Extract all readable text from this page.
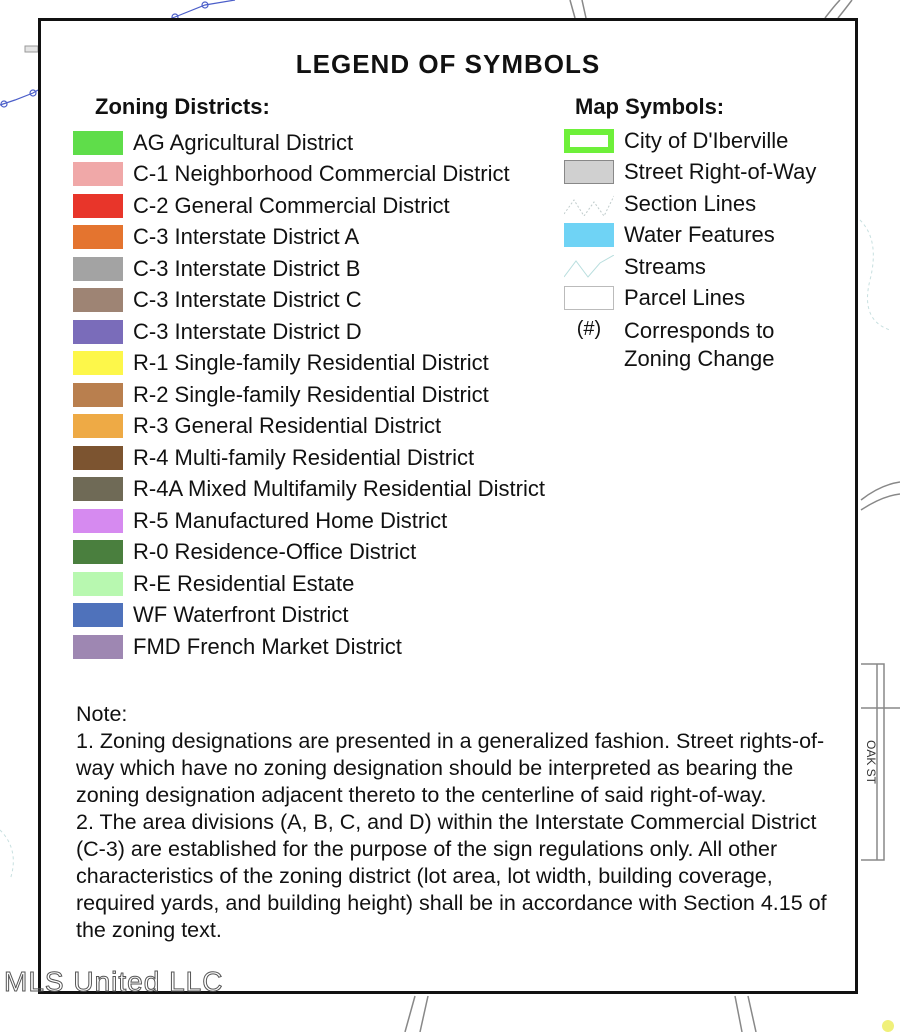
OAK ST
LEGEND OF SYMBOLS
Zoning Districts:	Map Symbols:
AG Agricultural District
C-1 Neighborhood Commercial District
C-2 General Commercial District
C-3 Interstate District A
C-3 Interstate District B
C-3 Interstate District C
C-3 Interstate District D
R-1 Single-family Residential District
R-2 Single-family Residential District
R-3 General Residential District
R-4 Multi-family Residential District
R-4A Mixed Multifamily Residential District
R-5 Manufactured Home District
R-0 Residence-Office District
R-E Residential Estate
WF Waterfront District
FMD French Market District
City of D'Iberville
Street Right-of-Way
Section Lines
Water Features
Streams
Parcel Lines
(#)	Corresponds to
Zoning Change

Note:

1. Zoning designations are presented in a generalized fashion. Street rights-of-way which have no zoning designation should be interpreted as bearing the zoning designation adjacent thereto to the centerline of said right-of-way.

2. The area divisions (A, B, C, and D) within the Interstate Commercial District (C-3) are established for the purpose of the sign regulations only. All other characteristics of the zoning district (lot area, lot width, building coverage, required yards, and building height) shall be in accordance with Section 4.15 of the zoning text.

MLS United LLC
